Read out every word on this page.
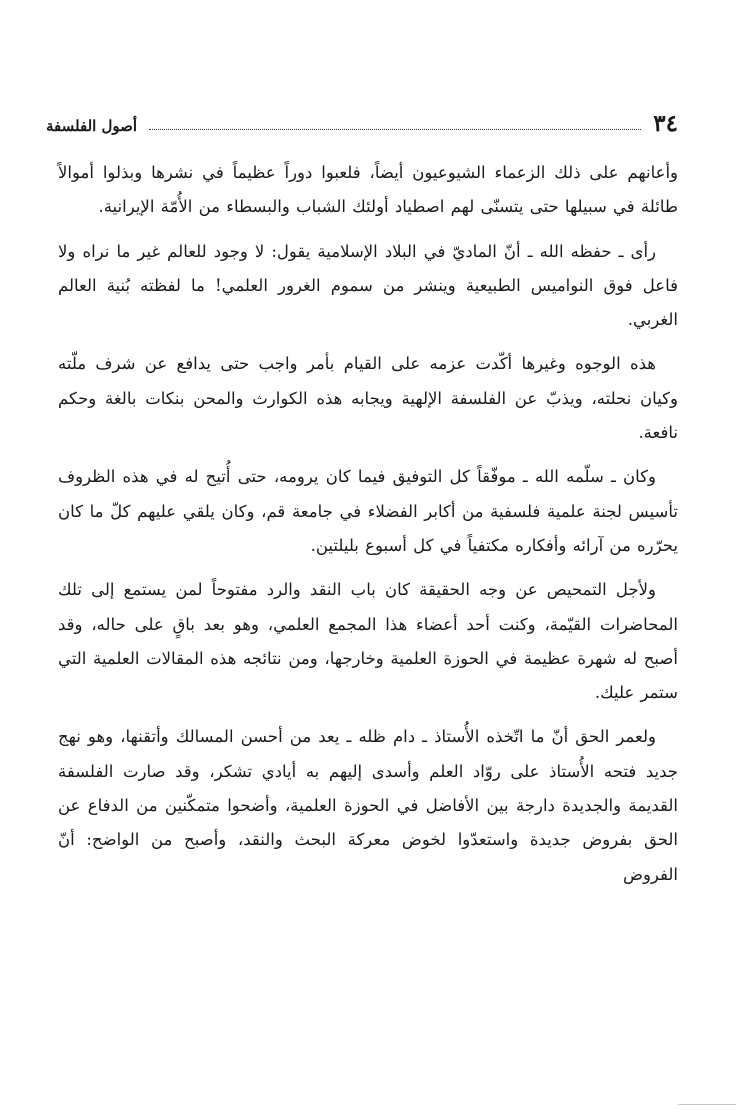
٣٤
أصول الفلسفة

وأعانهم على ذلك الزعماء الشيوعيون أيضاً، فلعبوا دوراً عظيماً في نشرها وبذلوا أموالاً طائلة في سبيلها حتى يتسنّى لهم اصطياد أولئك الشباب والبسطاء من الأُمّة الإيرانية.

رأى ـ حفظه الله ـ أنّ الماديّ في البلاد الإسلامية يقول: لا وجود للعالم غير ما نراه ولا فاعل فوق النواميس الطبيعية وينشر من سموم الغرور العلمي! ما لفظته بُنية العالم الغربي.

هذه الوجوه وغيرها أكّدت عزمه على القيام بأمر واجب حتى يدافع عن شرف ملّته وكيان نحلته، ويذبّ عن الفلسفة الإلهية ويجابه هذه الكوارث والمحن بنكات بالغة وحكم نافعة.

وكان ـ سلّمه الله ـ موفّقاً كل التوفيق فيما كان يرومه، حتى أُتيح له في هذه الظروف تأسيس لجنة علمية فلسفية من أكابر الفضلاء في جامعة قم، وكان يلقي عليهم كلّ ما كان يحرّره من آرائه وأفكاره مكتفياً في كل أسبوع بليلتين.

ولأجل التمحيص عن وجه الحقيقة كان باب النقد والرد مفتوحاً لمن يستمع إلى تلك المحاضرات القيّمة، وكنت أحد أعضاء هذا المجمع العلمي، وهو بعد باقٍ على حاله، وقد أصبح له شهرة عظيمة في الحوزة العلمية وخارجها، ومن نتائجه هذه المقالات العلمية التي ستمر عليك.

ولعمر الحق أنّ ما اتّخذه الأُستاذ ـ دام ظله ـ يعد من أحسن المسالك وأتقنها، وهو نهج جديد فتحه الأُستاذ على روّاد العلم وأسدى إليهم به أيادي تشكر، وقد صارت الفلسفة القديمة والجديدة دارجة بين الأفاضل في الحوزة العلمية، وأضحوا متمكّنين من الدفاع عن الحق بفروض جديدة واستعدّوا لخوض معركة البحث والنقد، وأصبح من الواضح: أنّ الفروض
